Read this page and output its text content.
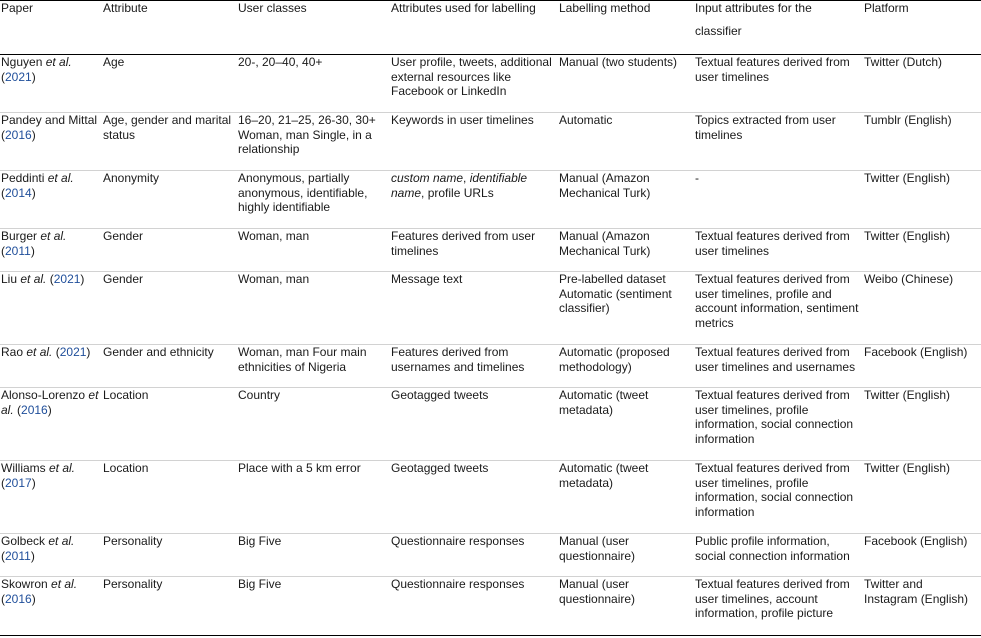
Paper	Attribute	User classes	Attributes used for labelling	Labelling method	Input attributes for the
classifier	Platform
Nguyen et al.
(2021)	Age	20-, 20–40, 40+	User profile, tweets, additional external resources like Facebook or LinkedIn	Manual (two students)	Textual features derived from user timelines	Twitter (Dutch)
Pandey and Mittal
(2016)	Age, gender and marital status	16–20, 21–25, 26-30, 30+ Woman, man Single, in a relationship	Keywords in user timelines	Automatic	Topics extracted from user timelines	Tumblr (English)
Peddinti et al.
(2014)	Anonymity	Anonymous, partially anonymous, identifiable, highly identifiable	custom name, identifiable name, profile URLs	Manual (Amazon Mechanical Turk)	-	Twitter (English)
Burger et al.
(2011)	Gender	Woman, man	Features derived from user timelines	Manual (Amazon Mechanical Turk)	Textual features derived from user timelines	Twitter (English)
Liu et al. (2021)	Gender	Woman, man	Message text	Pre-labelled dataset Automatic (sentiment classifier)	Textual features derived from user timelines, profile and account information, sentiment metrics	Weibo (Chinese)
Rao et al. (2021)	Gender and ethnicity	Woman, man Four main ethnicities of Nigeria	Features derived from usernames and timelines	Automatic (proposed methodology)	Textual features derived from user timelines and usernames	Facebook (English)
Alonso-Lorenzo et al. (2016)	Location	Country	Geotagged tweets	Automatic (tweet metadata)	Textual features derived from user timelines, profile information, social connection information	Twitter (English)
Williams et al.
(2017)	Location	Place with a 5 km error	Geotagged tweets	Automatic (tweet metadata)	Textual features derived from user timelines, profile information, social connection information	Twitter (English)
Golbeck et al.
(2011)	Personality	Big Five	Questionnaire responses	Manual (user questionnaire)	Public profile information, social connection information	Facebook (English)
Skowron et al.
(2016)	Personality	Big Five	Questionnaire responses	Manual (user questionnaire)	Textual features derived from user timelines, account information, profile picture	Twitter and Instagram (English)
